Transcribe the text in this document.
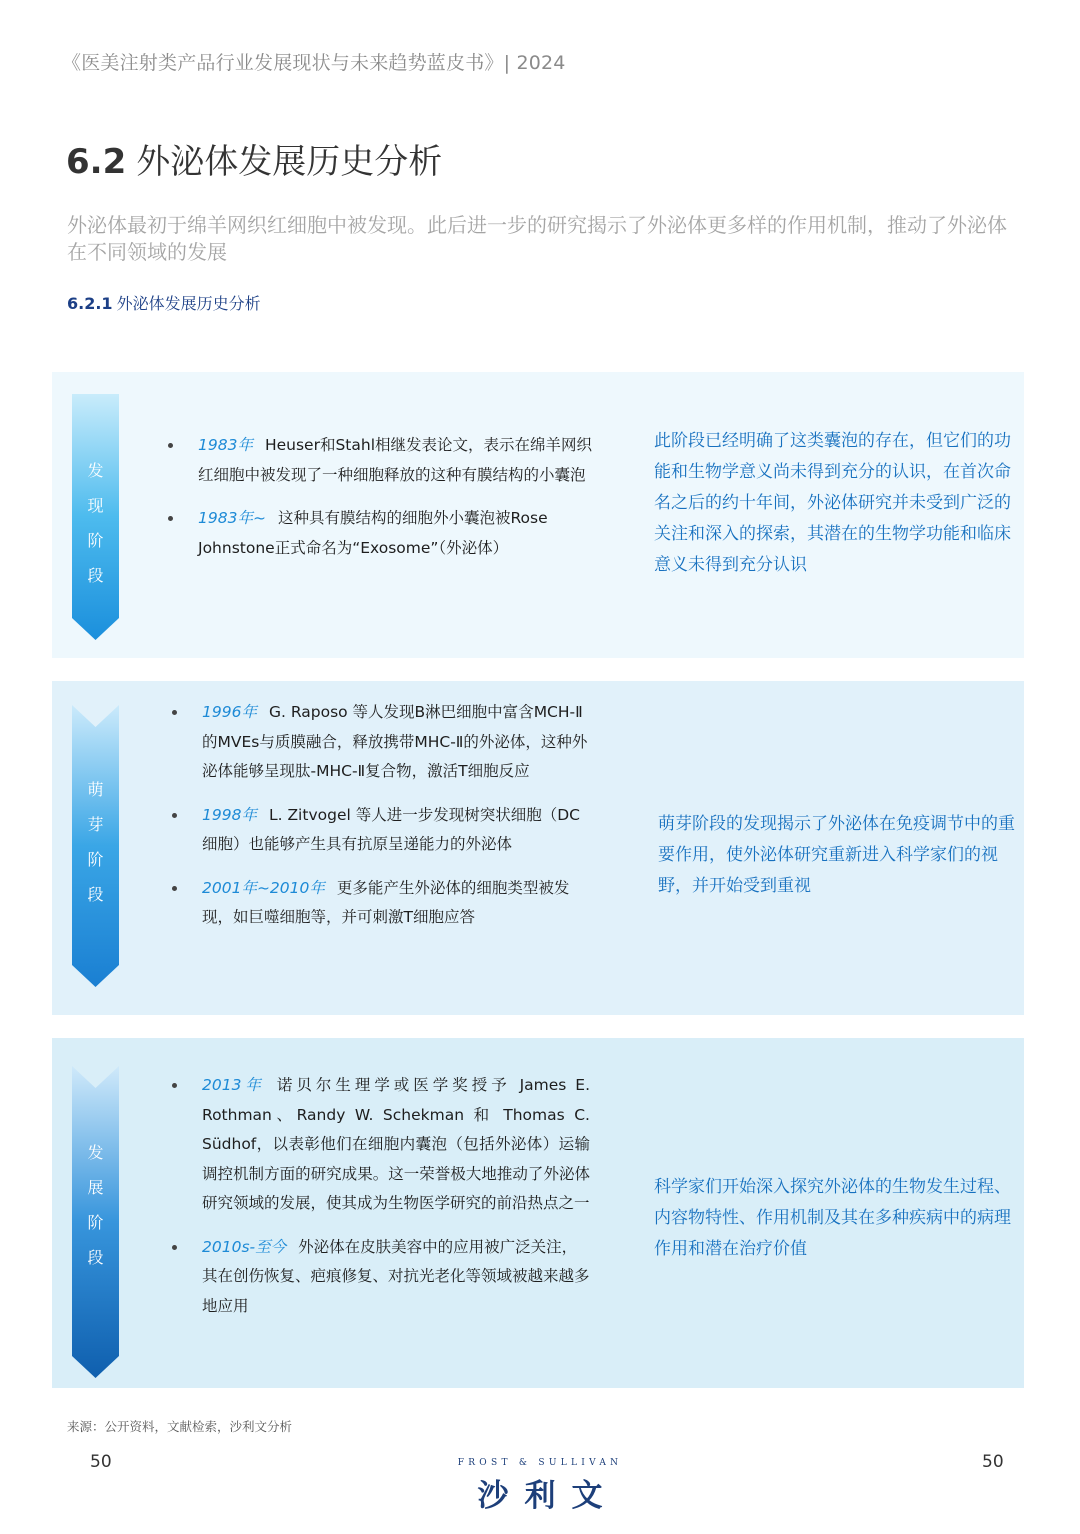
《医美注射类产品行业发展现状与未来趋势蓝皮书》| 2024
6.2 外泌体发展历史分析
外泌体最初于绵羊网织红细胞中被发现。此后进一步的研究揭示了外泌体更多样的作用机制，推动了外泌体在不同领域的发展
6.2.1 外泌体发展历史分析
发
现
阶
段
1983年 Heuser和Stahl相继发表论文，表示在绵羊网织红细胞中被发现了一种细胞释放的这种有膜结构的小囊泡
1983年~ 这种具有膜结构的细胞外小囊泡被Rose Johnstone正式命名为“Exosome”（外泌体）
此阶段已经明确了这类囊泡的存在，但它们的功能和生物学意义尚未得到充分的认识，在首次命名之后的约十年间，外泌体研究并未受到广泛的关注和深入的探索，其潜在的生物学功能和临床意义未得到充分认识
萌
芽
阶
段
1996年 G. Raposo 等人发现B淋巴细胞中富含MCH-Ⅱ的MVEs与质膜融合，释放携带MHC-Ⅱ的外泌体，这种外泌体能够呈现肽-MHC-Ⅱ复合物，激活T细胞反应
1998年 L. Zitvogel 等人进一步发现树突状细胞（DC细胞）也能够产生具有抗原呈递能力的外泌体
2001年~2010年 更多能产生外泌体的细胞类型被发现，如巨噬细胞等，并可刺激T细胞应答
萌芽阶段的发现揭示了外泌体在免疫调节中的重要作用，使外泌体研究重新进入科学家们的视野，并开始受到重视
发
展
阶
段
2013年 诺贝尔生理学或医学奖授予 James E. Rothman、Randy W. Schekman 和 Thomas C. Südhof，以表彰他们在细胞内囊泡（包括外泌体）运输调控机制方面的研究成果。这一荣誉极大地推动了外泌体研究领域的发展，使其成为生物医学研究的前沿热点之一
2010s-至今 外泌体在皮肤美容中的应用被广泛关注，其在创伤恢复、疤痕修复、对抗光老化等领域被越来越多地应用
科学家们开始深入探究外泌体的生物发生过程、内容物特性、作用机制及其在多种疾病中的病理作用和潜在治疗价值
来源：公开资料，文献检索，沙利文分析
50	50
FROST & SULLIVAN
沙利文
